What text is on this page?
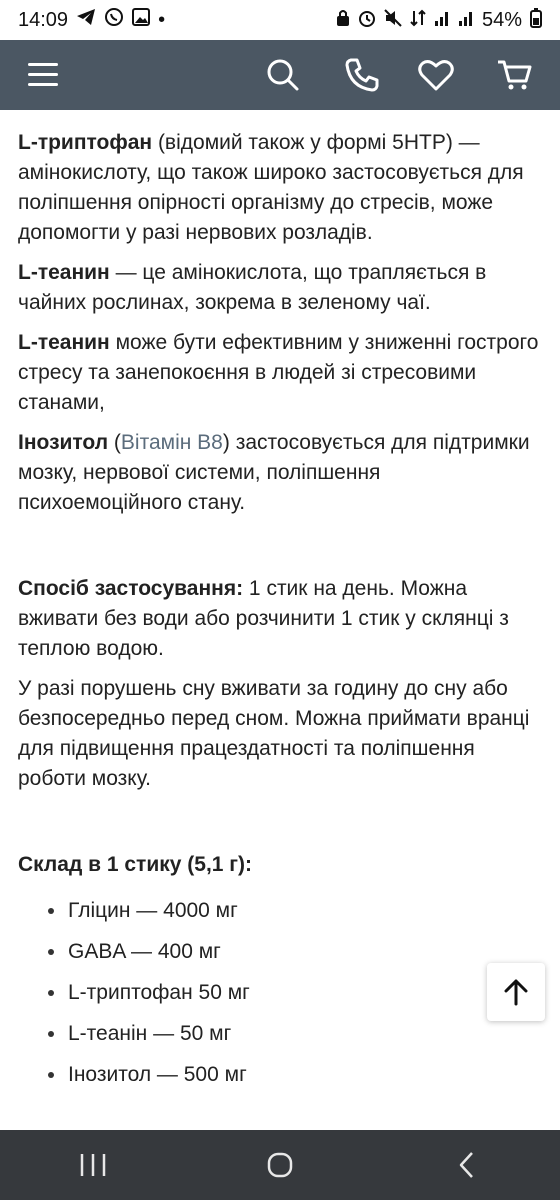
14:09	•	54%

L-триптофан (відомий також у формі 5HTP) — амінокислоту, що також широко застосовується для поліпшення опірності організму до стресів, може допомогти у разі нервових розладів.

L-теанин — це амінокислота, що трапляється в чайних рослинах, зокрема в зеленому чаї.

L-теанин може бути ефективним у зниженні гострого стресу та занепокоєння в людей зі стресовими станами,

Інозитол (Вітамін B8) застосовується для підтримки мозку, нервової системи, поліпшення психоемоційного стану.

Спосіб застосування: 1 стик на день. Можна вживати без води або розчинити 1 стик у склянці з теплою водою.

У разі порушень сну вживати за годину до сну або безпосередньо перед сном. Можна приймати вранці для підвищення працездатності та поліпшення роботи мозку.

Склад в 1 стику (5,1 г):

Гліцин — 4000 мг
GABA — 400 мг
L-триптофан 50 мг
L-теанін — 50 мг
Інозитол — 500 мг
